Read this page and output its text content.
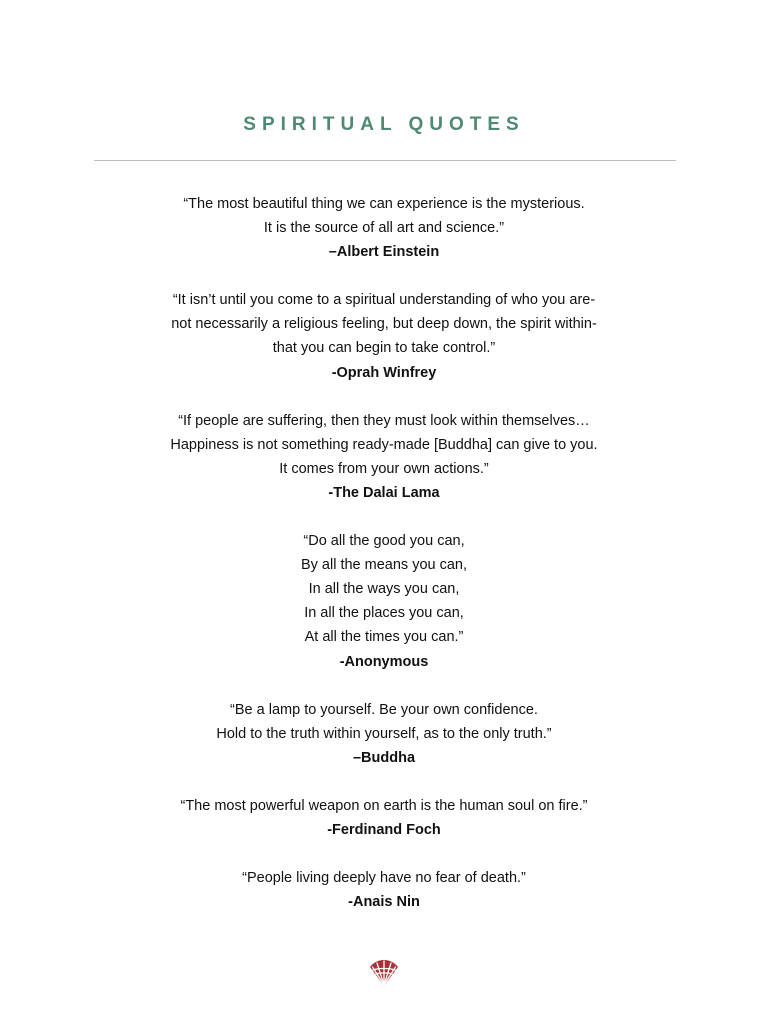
SPIRITUAL QUOTES
“The most beautiful thing we can experience is the mysterious.
It is the source of all art and science.”
–Albert Einstein
“It isn’t until you come to a spiritual understanding of who you are-
not necessarily a religious feeling, but deep down, the spirit within-
that you can begin to take control.”
-Oprah Winfrey
“If people are suffering, then they must look within themselves…
Happiness is not something ready-made [Buddha] can give to you.
It comes from your own actions.”
-The Dalai Lama
“Do all the good you can,
By all the means you can,
In all the ways you can,
In all the places you can,
At all the times you can.”
-Anonymous
“Be a lamp to yourself. Be your own confidence.
Hold to the truth within yourself, as to the only truth.”
–Buddha
“The most powerful weapon on earth is the human soul on fire.”
-Ferdinand Foch
“People living deeply have no fear of death.”
-Anais Nin
